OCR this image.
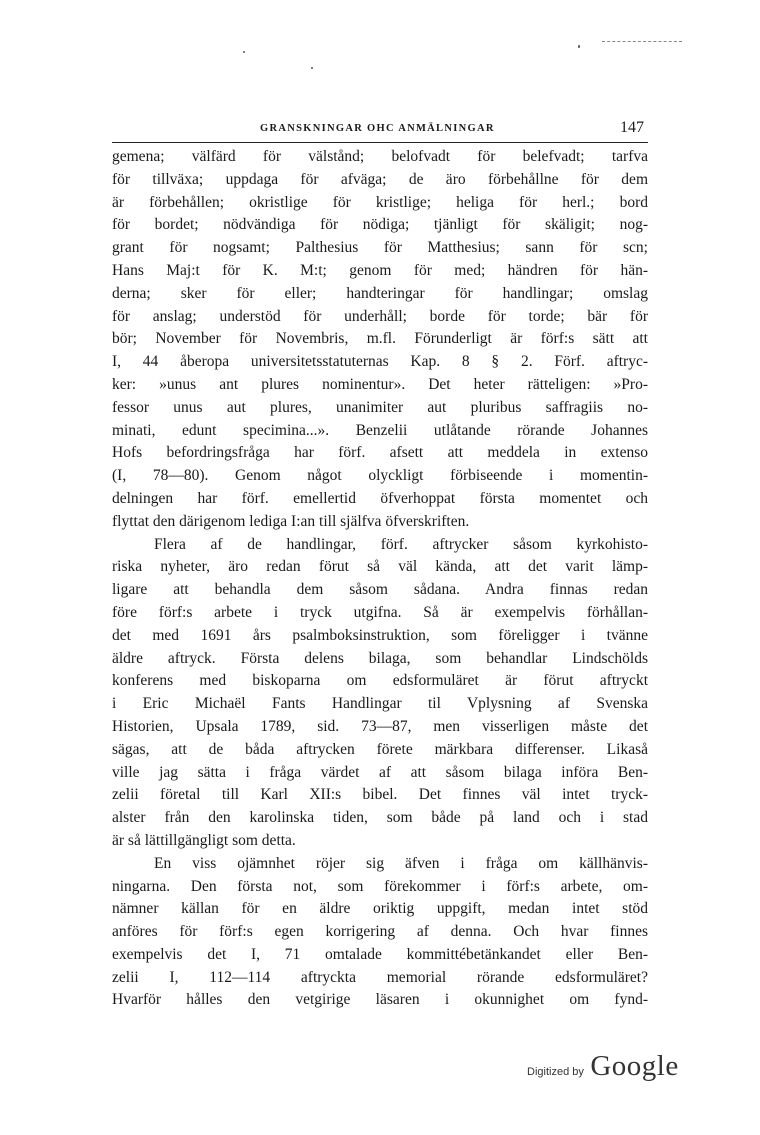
GRANSKNINGAR OHC ANMÄLNINGAR	147
gemena; välfärd för välstånd; belofvadt för belefvadt; tarfva
för tillväxa; uppdaga för afväga; de äro förbehållne för dem
är förbehållen; okristlige för kristlige; heliga för herl.; bord
för bordet; nödvändiga för nödiga; tjänligt för skäligit; nog-
grant för nogsamt; Palthesius för Matthesius; sann för scn;
Hans Maj:t för K. M:t; genom för med; händren för hän-
derna; sker för eller; handteringar för handlingar; omslag
för anslag; understöd för underhåll; borde för torde; bär för
bör; November för Novembris, m.fl. Förunderligt är förf:s sätt att
I, 44 åberopa universitetsstatuternas Kap. 8 § 2. Förf. aftryc-
ker: »unus ant plures nominentur». Det heter rätteligen: »Pro-
fessor unus aut plures, unanimiter aut pluribus saffragiis no-
minati, edunt specimina...». Benzelii utlåtande rörande Johannes
Hofs befordringsfråga har förf. afsett att meddela in extenso
(I, 78—80). Genom något olyckligt förbiseende i momentin-
delningen har förf. emellertid öfverhoppat första momentet och
flyttat den därigenom lediga I:an till själfva öfverskriften.
Flera af de handlingar, förf. aftrycker såsom kyrkohisto-
riska nyheter, äro redan förut så väl kända, att det varit lämp-
ligare att behandla dem såsom sådana. Andra finnas redan
före förf:s arbete i tryck utgifna. Så är exempelvis förhållan-
det med 1691 års psalmboksinstruktion, som föreligger i tvänne
äldre aftryck. Första delens bilaga, som behandlar Lindschölds
konferens med biskoparna om edsformuläret är förut aftryckt
i Eric Michaël Fants Handlingar til Vplysning af Svenska
Historien, Upsala 1789, sid. 73—87, men visserligen måste det
sägas, att de båda aftrycken förete märkbara differenser. Likaså
ville jag sätta i fråga värdet af att såsom bilaga införa Ben-
zelii företal till Karl XII:s bibel. Det finnes väl intet tryck-
alster från den karolinska tiden, som både på land och i stad
är så lättillgängligt som detta.
En viss ojämnhet röjer sig äfven i fråga om källhänvis-
ningarna. Den första not, som förekommer i förf:s arbete, om-
nämner källan för en äldre oriktig uppgift, medan intet stöd
anföres för förf:s egen korrigering af denna. Och hvar finnes
exempelvis det I, 71 omtalade kommittébetänkandet eller Ben-
zelii I, 112—114 aftryckta memorial rörande edsformuläret?
Hvarför hålles den vetgirige läsaren i okunnighet om fynd-
Digitized by Google
